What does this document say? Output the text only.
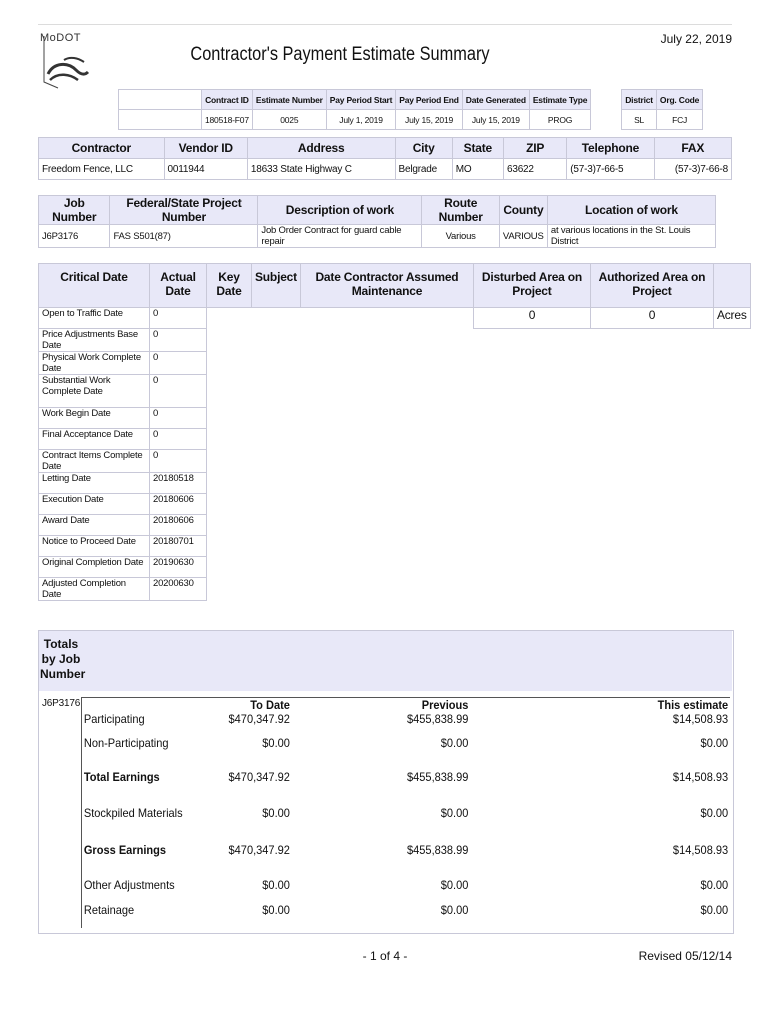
MoDOT
Contractor's Payment Estimate Summary
July 22, 2019
	Contract ID	Estimate Number	Pay Period Start	Pay Period End	Date Generated	Estimate Type		District	Org. Code
	180518-F07	0025	July 1, 2019	July 15, 2019	July 15, 2019	PROG		SL	FCJ
Contractor	Vendor ID	Address	City	State	ZIP	Telephone	FAX
Freedom Fence, LLC	0011944	18633 State Highway C	Belgrade	MO	63622	(57-3)7-66-5	(57-3)7-66-8
Job Number	Federal/State Project Number	Description of work	Route Number	County	Location of work
J6P3176	FAS S501(87)	Job Order Contract for guard cable repair	Various	VARIOUS	at various locations in the St. Louis District
Critical Date	Actual Date	Key Date	Subject	Date Contractor Assumed Maintenance	Disturbed Area on Project	Authorized Area on Project	
Open to Traffic Date	0				0	0	Acres
Price Adjustments Base Date	0						
Physical Work Complete Date	0						
Substantial Work Complete Date	0						
Work Begin Date	0						
Final Acceptance Date	0						
Contract Items Complete Date	0						
Letting Date	20180518						
Execution Date	20180606						
Award Date	20180606						
Notice to Proceed Date	20180701						
Original Completion Date	20190630						
Adjusted Completion Date	20200630						
Totals by Job Number
J6P3176
		To Date	Previous	This estimate
Participating	$470,347.92	$455,838.99	$14,508.93
Non-Participating	$0.00	$0.00	$0.00
Total Earnings	$470,347.92	$455,838.99	$14,508.93
Stockpiled Materials	$0.00	$0.00	$0.00
Gross Earnings	$470,347.92	$455,838.99	$14,508.93
Other Adjustments	$0.00	$0.00	$0.00
Retainage	$0.00	$0.00	$0.00
- 1 of 4 -	Revised 05/12/14
